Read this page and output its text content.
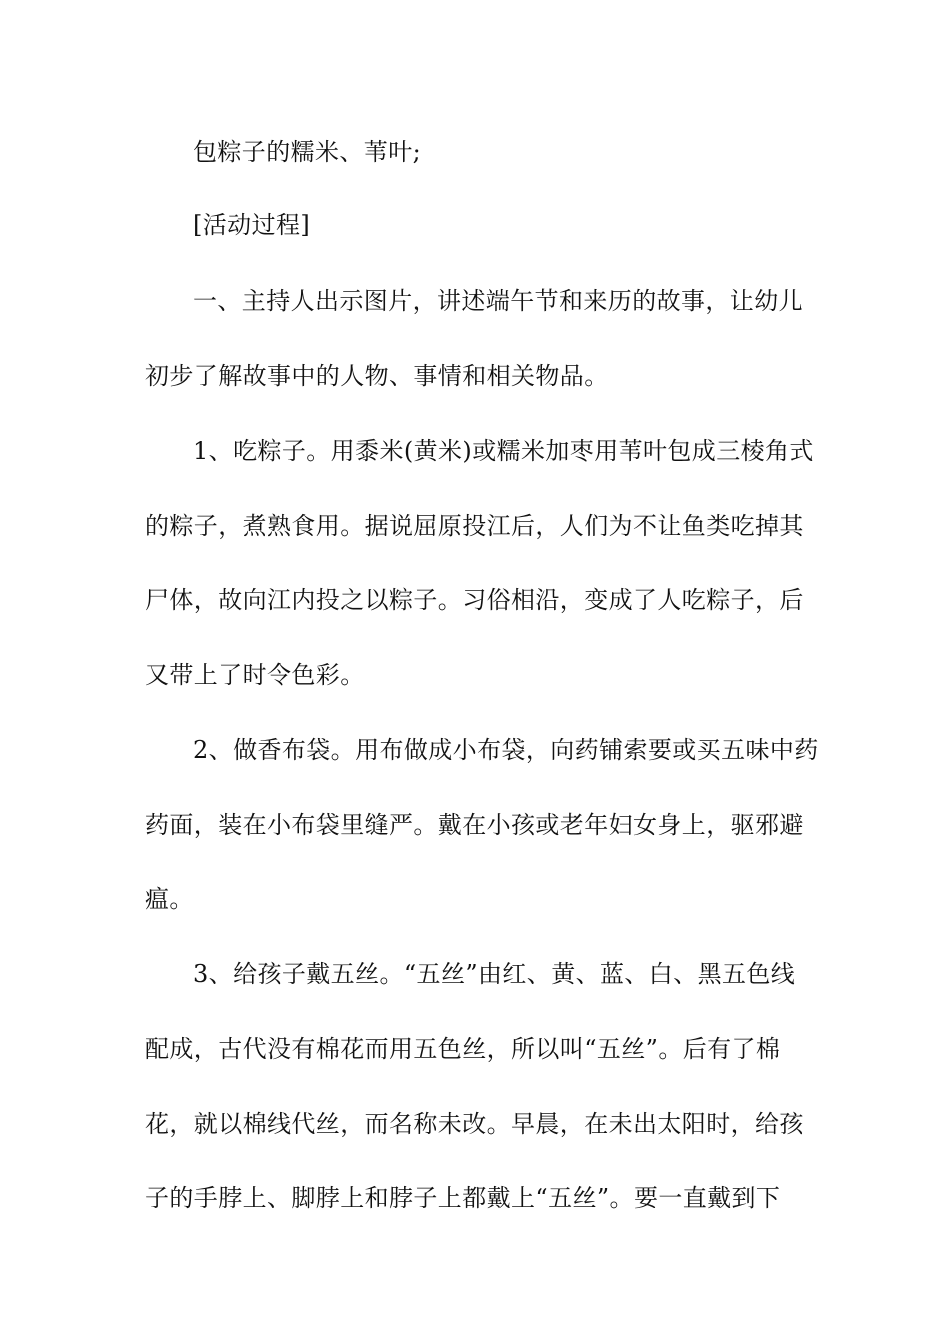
包粽子的糯米、苇叶;
[活动过程]
一、主持人出示图片，讲述端午节和来历的故事，让幼儿
初步了解故事中的人物、事情和相关物品。
1、吃粽子。用黍米(黄米)或糯米加枣用苇叶包成三棱角式
的粽子，煮熟食用。据说屈原投江后，人们为不让鱼类吃掉其
尸体，故向江内投之以粽子。习俗相沿，变成了人吃粽子，后
又带上了时令色彩。
2、做香布袋。用布做成小布袋，向药铺索要或买五味中药
药面，装在小布袋里缝严。戴在小孩或老年妇女身上，驱邪避
瘟。
3、给孩子戴五丝。“五丝”由红、黄、蓝、白、黑五色线
配成，古代没有棉花而用五色丝，所以叫“五丝”。后有了棉
花，就以棉线代丝，而名称未改。早晨，在未出太阳时，给孩
子的手脖上、脚脖上和脖子上都戴上“五丝”。要一直戴到下
